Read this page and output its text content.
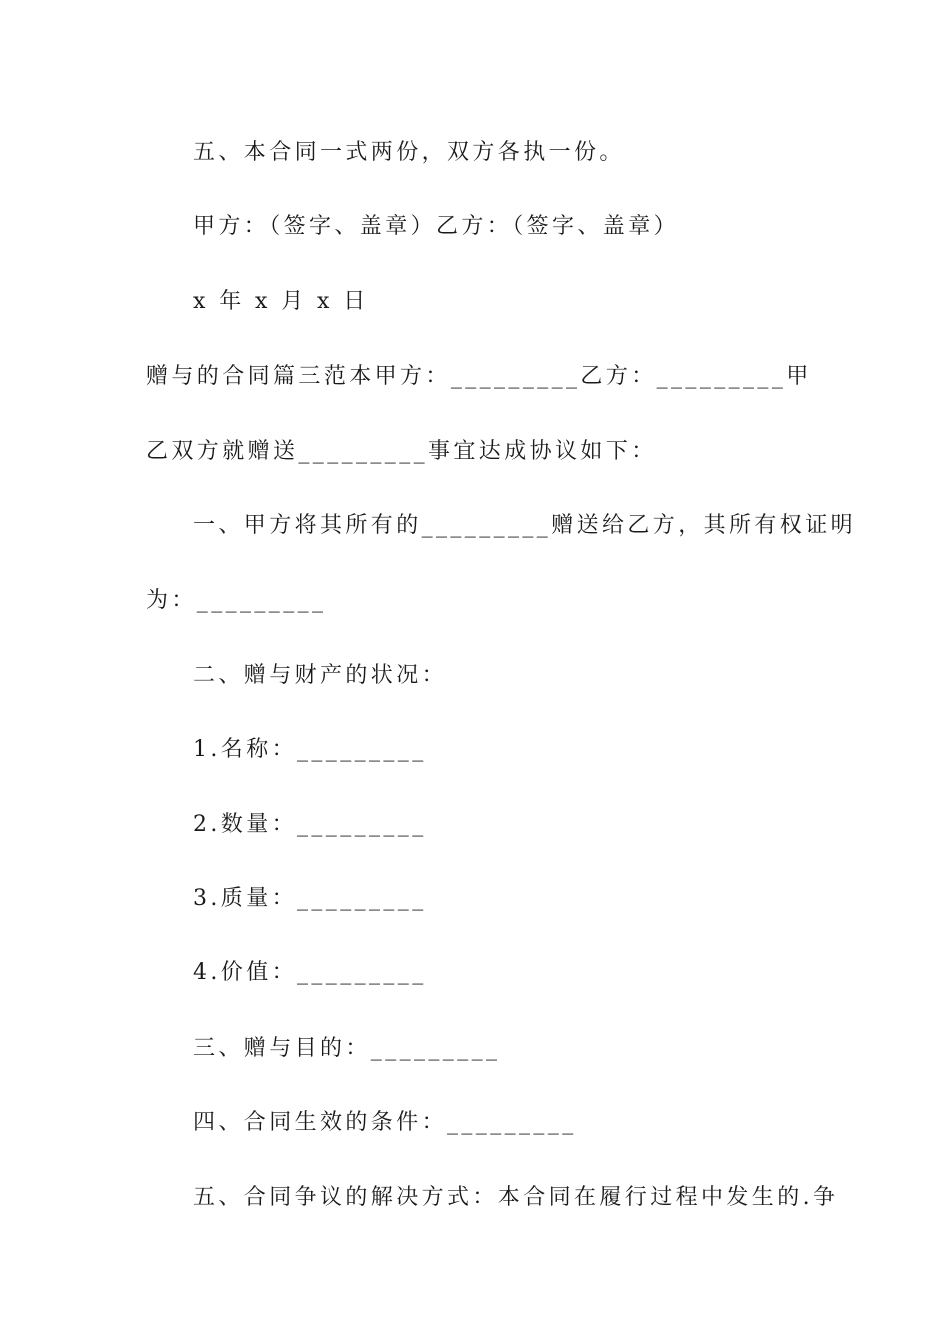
五、本合同一式两份，双方各执一份。
甲方：（签字、盖章）乙方：（签字、盖章）
x 年 x 月 x 日
赠与的合同篇三 范本甲方：_________乙方：_________甲
乙双方就赠送_________事宜达成协议如下：
一、甲方将其所有的_________赠送给乙方，其所有权证明
为：_________
二、赠与财产的状况：
1.名称：_________
2.数量：_________
3.质量：_________
4.价值：_________
三、赠与目的：_________
四、合同生效的条件：_________
五、合同争议的解决方式：本合同在履行过程中发生的.争
